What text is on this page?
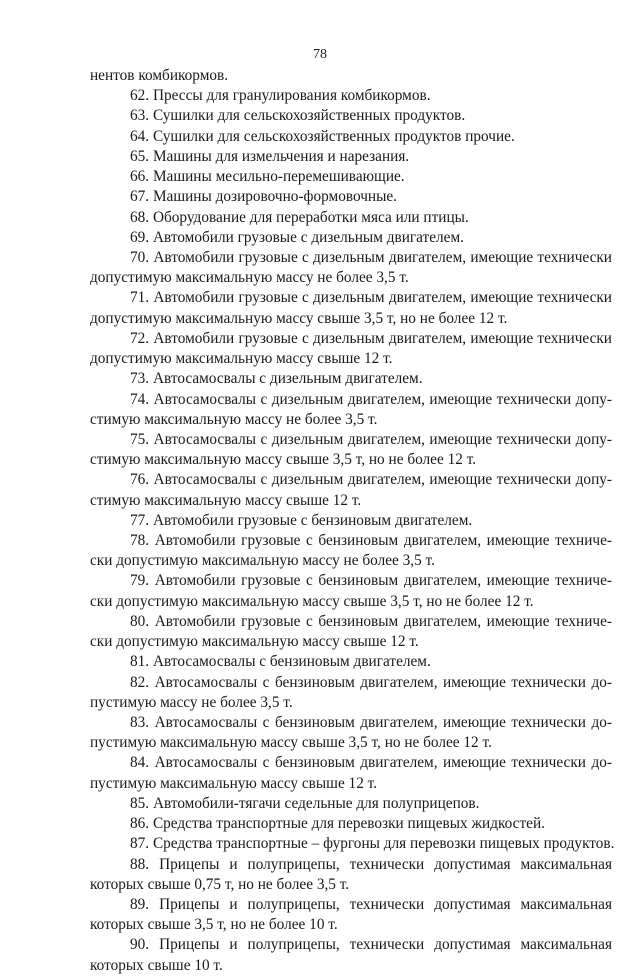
78
нентов комбикормов.
62. Прессы для гранулирования комбикормов.
63. Сушилки для сельскохозяйственных продуктов.
64. Сушилки для сельскохозяйственных продуктов прочие.
65. Машины для измельчения и нарезания.
66. Машины месильно-перемешивающие.
67. Машины дозировочно-формовочные.
68. Оборудование для переработки мяса или птицы.
69. Автомобили грузовые с дизельным двигателем.
70. Автомобили грузовые с дизельным двигателем, имеющие технически
допустимую максимальную массу не более 3,5 т.
71. Автомобили грузовые с дизельным двигателем, имеющие технически
допустимую максимальную массу свыше 3,5 т, но не более 12 т.
72. Автомобили грузовые с дизельным двигателем, имеющие технически
допустимую максимальную массу свыше 12 т.
73. Автосамосвалы с дизельным двигателем.
74. Автосамосвалы с дизельным двигателем, имеющие технически допу-
стимую максимальную массу не более 3,5 т.
75. Автосамосвалы с дизельным двигателем, имеющие технически допу-
стимую максимальную массу свыше 3,5 т, но не более 12 т.
76. Автосамосвалы с дизельным двигателем, имеющие технически допу-
стимую максимальную массу свыше 12 т.
77. Автомобили грузовые с бензиновым двигателем.
78. Автомобили грузовые с бензиновым двигателем, имеющие техниче-
ски допустимую максимальную массу не более 3,5 т.
79. Автомобили грузовые с бензиновым двигателем, имеющие техниче-
ски допустимую максимальную массу свыше 3,5 т, но не более 12 т.
80. Автомобили грузовые с бензиновым двигателем, имеющие техниче-
ски допустимую максимальную массу свыше 12 т.
81. Автосамосвалы с бензиновым двигателем.
82. Автосамосвалы с бензиновым двигателем, имеющие технически до-
пустимую массу не более 3,5 т.
83. Автосамосвалы с бензиновым двигателем, имеющие технически до-
пустимую максимальную массу свыше 3,5 т, но не более 12 т.
84. Автосамосвалы с бензиновым двигателем, имеющие технически до-
пустимую максимальную массу свыше 12 т.
85. Автомобили-тягачи седельные для полуприцепов.
86. Средства транспортные для перевозки пищевых жидкостей.
87. Средства транспортные – фургоны для перевозки пищевых продуктов.
88. Прицепы и полуприцепы, технически допустимая максимальная
которых свыше 0,75 т, но не более 3,5 т.
89. Прицепы и полуприцепы, технически допустимая максимальная
которых свыше 3,5 т, но не более 10 т.
90. Прицепы и полуприцепы, технически допустимая максимальная
которых свыше 10 т.
